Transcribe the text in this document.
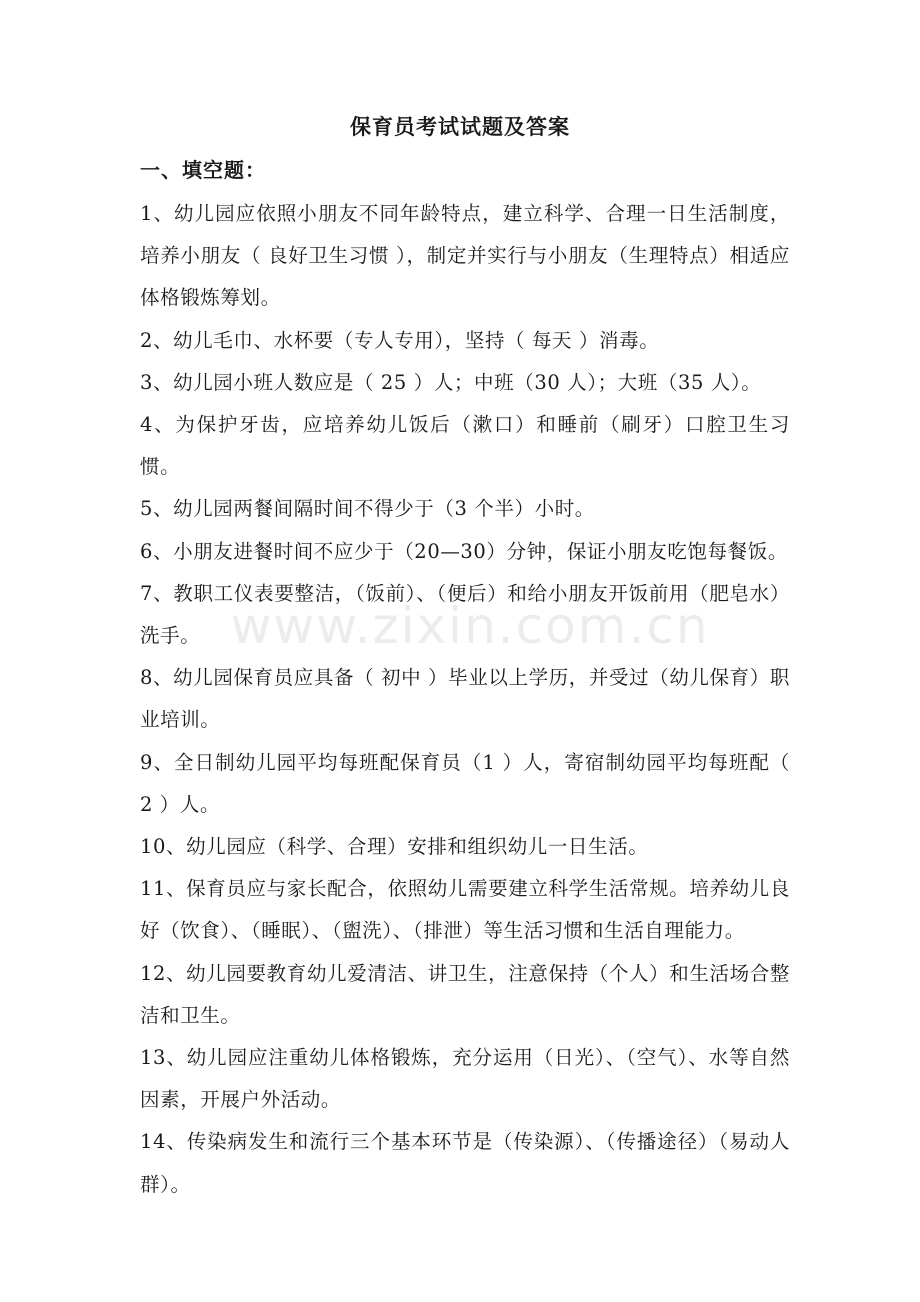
www.zixin.com.cn
保育员考试试题及答案
一、填空题：

1、幼儿园应依照小朋友不同年龄特点，建立科学、合理一日生活制度，培养小朋友（ 良好卫生习惯 ），制定并实行与小朋友（生理特点）相适应体格锻炼筹划。

2、幼儿毛巾、水杯要（专人专用），坚持（ 每天 ）消毒。

3、幼儿园小班人数应是（ 25 ）人；中班（30 人）；大班（35 人）。

4、为保护牙齿，应培养幼儿饭后（漱口）和睡前（刷牙）口腔卫生习惯。

5、幼儿园两餐间隔时间不得少于（3 个半）小时。

6、小朋友进餐时间不应少于（20—30）分钟，保证小朋友吃饱每餐饭。

7、教职工仪表要整洁，（饭前）、（便后）和给小朋友开饭前用（肥皂水）洗手。

8、幼儿园保育员应具备（ 初中 ）毕业以上学历，并受过（幼儿保育）职业培训。

9、全日制幼儿园平均每班配保育员（1 ）人，寄宿制幼园平均每班配（ 2 ）人。

10、幼儿园应（科学、合理）安排和组织幼儿一日生活。

11、保育员应与家长配合，依照幼儿需要建立科学生活常规。培养幼儿良好（饮食）、（睡眠）、（盥洗）、（排泄）等生活习惯和生活自理能力。

12、幼儿园要教育幼儿爱清洁、讲卫生，注意保持（个人）和生活场合整洁和卫生。

13、幼儿园应注重幼儿体格锻炼，充分运用（日光）、（空气）、水等自然因素，开展户外活动。

14、传染病发生和流行三个基本环节是（传染源）、（传播途径）（易动人群）。
